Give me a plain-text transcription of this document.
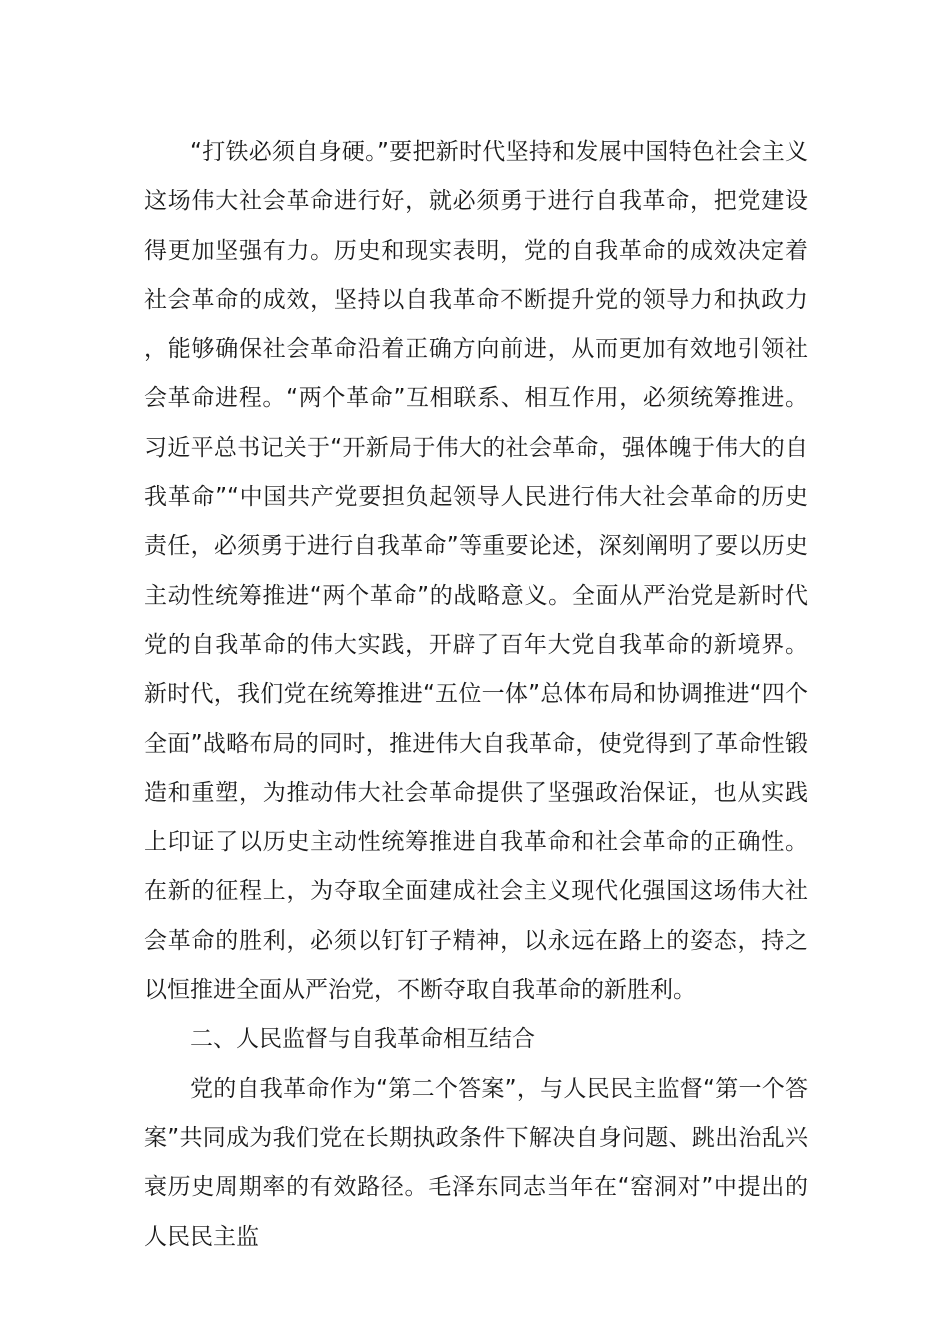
“打铁必须自身硬。”要把新时代坚持和发展中国特色社会主义这场伟大社会革命进行好，就必须勇于进行自我革命，把党建设得更加坚强有力。历史和现实表明，党的自我革命的成效决定着社会革命的成效，坚持以自我革命不断提升党的领导力和执政力，能够确保社会革命沿着正确方向前进，从而更加有效地引领社会革命进程。“两个革命”互相联系、相互作用，必须统筹推进。习近平总书记关于“开新局于伟大的社会革命，强体魄于伟大的自我革命”“中国共产党要担负起领导人民进行伟大社会革命的历史责任，必须勇于进行自我革命”等重要论述，深刻阐明了要以历史主动性统筹推进“两个革命”的战略意义。全面从严治党是新时代党的自我革命的伟大实践，开辟了百年大党自我革命的新境界。新时代，我们党在统筹推进“五位一体”总体布局和协调推进“四个全面”战略布局的同时，推进伟大自我革命，使党得到了革命性锻造和重塑，为推动伟大社会革命提供了坚强政治保证，也从实践上印证了以历史主动性统筹推进自我革命和社会革命的正确性。在新的征程上，为夺取全面建成社会主义现代化强国这场伟大社会革命的胜利，必须以钉钉子精神，以永远在路上的姿态，持之以恒推进全面从严治党，不断夺取自我革命的新胜利。

二、人民监督与自我革命相互结合

党的自我革命作为“第二个答案”，与人民民主监督“第一个答案”共同成为我们党在长期执政条件下解决自身问题、跳出治乱兴衰历史周期率的有效路径。毛泽东同志当年在“窑洞对”中提出的人民民主监
